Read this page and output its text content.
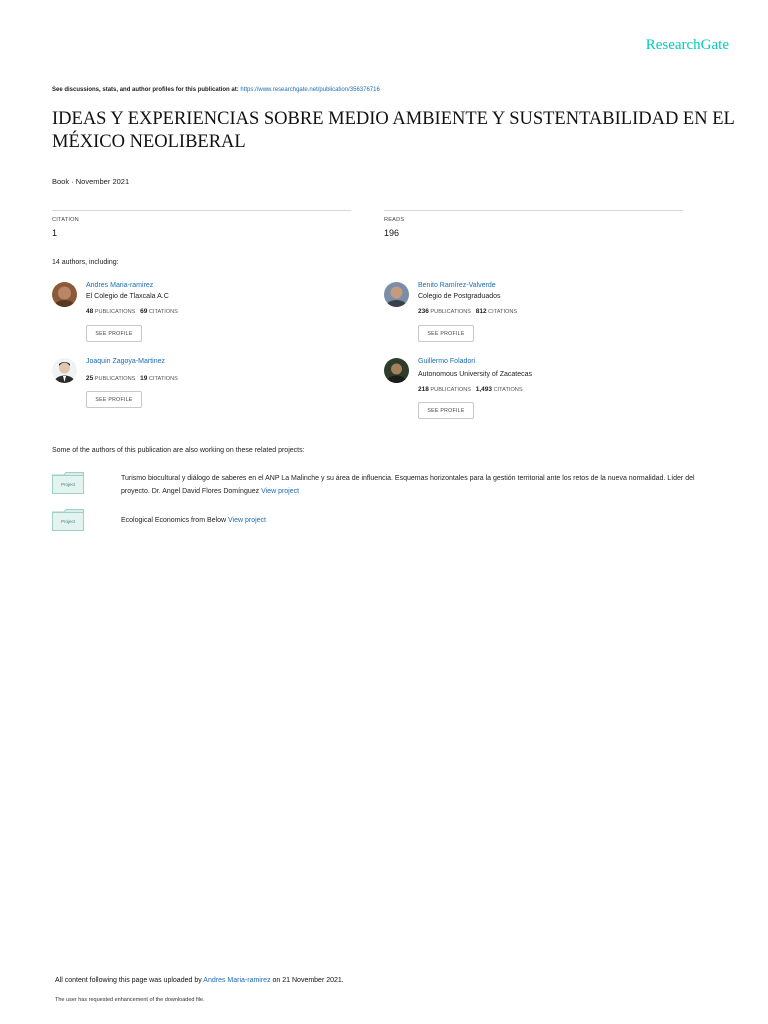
ResearchGate
See discussions, stats, and author profiles for this publication at: https://www.researchgate.net/publication/356376716
IDEAS Y EXPERIENCIAS SOBRE MEDIO AMBIENTE Y SUSTENTABILIDAD EN EL MÉXICO NEOLIBERAL
Book · November 2021
CITATION
1
READS
196
14 authors, including:
Andres Maria-ramirez
El Colegio de Tlaxcala A.C
48 PUBLICATIONS 69 CITATIONS
SEE PROFILE
Benito Ramírez-Valverde
Colegio de Postgraduados
236 PUBLICATIONS 812 CITATIONS
SEE PROFILE
Joaquin Zagoya-Martinez
25 PUBLICATIONS 19 CITATIONS
SEE PROFILE
Guillermo Foladori
Autonomous University of Zacatecas
218 PUBLICATIONS 1,493 CITATIONS
SEE PROFILE
Some of the authors of this publication are also working on these related projects:
Project
Turismo biocultural y diálogo de saberes en el ANP La Malinche y su área de influencia. Esquemas horizontales para la gestión territorial ante los retos de la nueva normalidad. Líder del proyecto. Dr. Angel David Flores Domínguez View project
Project	Ecological Economics from Below View project
All content following this page was uploaded by Andres Maria-ramirez on 21 November 2021.
The user has requested enhancement of the downloaded file.
